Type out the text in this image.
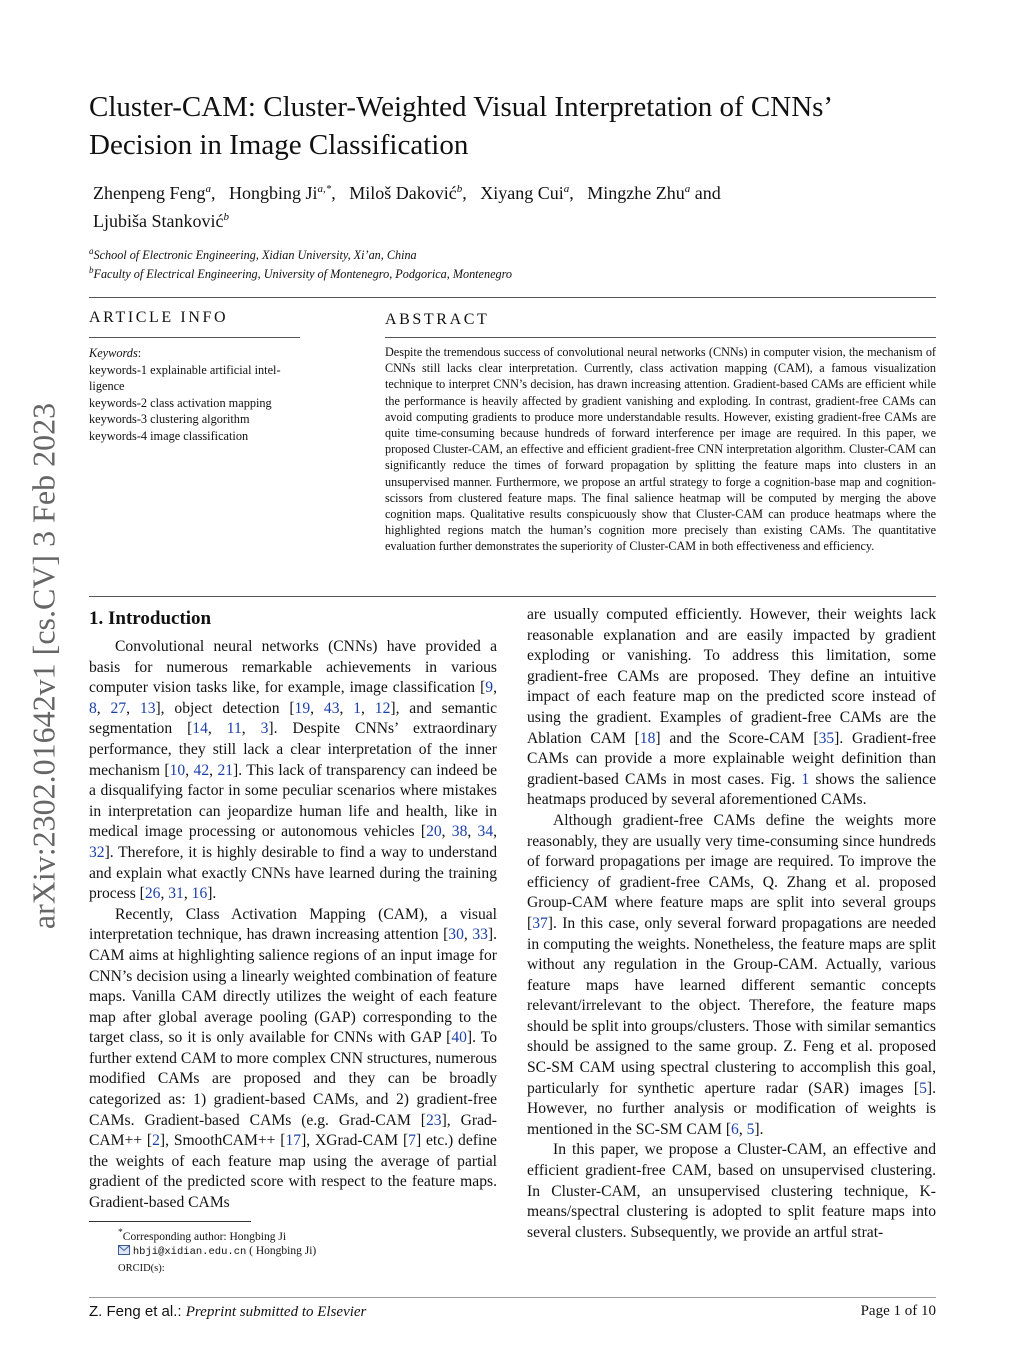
arXiv:2302.01642v1 [cs.CV] 3 Feb 2023
Cluster-CAM: Cluster-Weighted Visual Interpretation of CNNs’
Decision in Image Classification
Zhenpeng Feng$^a$,   Hongbing $Ji^{a,*}$,   Miloš Daković$^b$,   Xiyang Cui$^a$,   Mingzhe Zhu$^a$ and
Ljubiša Stanković$^b$
$^a$School of Electronic Engineering, Xidian University, Xi’an, China
$^b$Faculty of Electrical Engineering, University of Montenegro, Podgorica, Montenegro
ARTICLE INFO
Keywords:
keywords-1 explainable artificial intel-
ligence
keywords-2 class activation mapping
keywords-3 clustering algorithm
keywords-4 image classification
ABSTRACT
Despite the tremendous success of convolutional neural networks (CNNs) in computer vision, the mechanism of CNNs still lacks clear interpretation. Currently, class activation mapping (CAM), a famous visualization technique to interpret CNN’s decision, has drawn increasing attention. Gradient-based CAMs are efficient while the performance is heavily affected by gradient vanishing and exploding. In contrast, gradient-free CAMs can avoid computing gradients to produce more understandable results. However, existing gradient-free CAMs are quite time-consuming because hundreds of forward interference per image are required. In this paper, we proposed Cluster-CAM, an effective and efficient gradient-free CNN interpretation algorithm. Cluster-CAM can significantly reduce the times of forward propagation by splitting the feature maps into clusters in an unsupervised manner. Furthermore, we propose an artful strategy to forge a cognition-base map and cognition-scissors from clustered feature maps. The final salience heatmap will be computed by merging the above cognition maps. Qualitative results conspicuously show that Cluster-CAM can produce heatmaps where the highlighted regions match the human’s cognition more precisely than existing CAMs. The quantitative evaluation further demonstrates the superiority of Cluster-CAM in both effectiveness and efficiency.
1. Introduction

Convolutional neural networks (CNNs) have provided a basis for numerous remarkable achievements in various computer vision tasks like, for example, image classification [9, 8, 27, 13], object detection [19, 43, 1, 12], and semantic segmentation [14, 11, 3]. Despite CNNs’ extraordinary performance, they still lack a clear interpretation of the inner mechanism [10, 42, 21]. This lack of transparency can indeed be a disqualifying factor in some peculiar scenarios where mistakes in interpretation can jeopardize human life and health, like in medical image processing or autonomous vehicles [20, 38, 34, 32]. Therefore, it is highly desirable to find a way to understand and explain what exactly CNNs have learned during the training process [26, 31, 16].

Recently, Class Activation Mapping (CAM), a visual interpretation technique, has drawn increasing attention [30, 33]. CAM aims at highlighting salience regions of an input image for CNN’s decision using a linearly weighted combination of feature maps. Vanilla CAM directly utilizes the weight of each feature map after global average pooling (GAP) corresponding to the target class, so it is only available for CNNs with GAP [40]. To further extend CAM to more complex CNN structures, numerous modified CAMs are proposed and they can be broadly categorized as: 1) gradient-based CAMs, and 2) gradient-free CAMs. Gradient-based CAMs (e.g. Grad-CAM [23], Grad-CAM++ [2], SmoothCAM++ [17], XGrad-CAM [7] etc.) define the weights of each feature map using the average of partial gradient of the predicted score with respect to the feature maps. Gradient-based CAMs

are usually computed efficiently. However, their weights lack reasonable explanation and are easily impacted by gradient exploding or vanishing. To address this limitation, some gradient-free CAMs are proposed. They define an intuitive impact of each feature map on the predicted score instead of using the gradient. Examples of gradient-free CAMs are the Ablation CAM [18] and the Score-CAM [35]. Gradient-free CAMs can provide a more explainable weight definition than gradient-based CAMs in most cases. Fig. 1 shows the salience heatmaps produced by several aforementioned CAMs.

Although gradient-free CAMs define the weights more reasonably, they are usually very time-consuming since hundreds of forward propagations per image are required. To improve the efficiency of gradient-free CAMs, Q. Zhang et al. proposed Group-CAM where feature maps are split into several groups [37]. In this case, only several forward propagations are needed in computing the weights. Nonetheless, the feature maps are split without any regulation in the Group-CAM. Actually, various feature maps have learned different semantic concepts relevant/irrelevant to the object. Therefore, the feature maps should be split into groups/clusters. Those with similar semantics should be assigned to the same group. Z. Feng et al. proposed SC-SM CAM using spectral clustering to accomplish this goal, particularly for synthetic aperture radar (SAR) images [5]. However, no further analysis or modification of weights is mentioned in the SC-SM CAM [6, 5].

In this paper, we propose a Cluster-CAM, an effective and efficient gradient-free CAM, based on unsupervised clustering. In Cluster-CAM, an unsupervised clustering technique, K-means/spectral clustering is adopted to split feature maps into several clusters. Subsequently, we provide an artful strat-

*Corresponding author: Hongbing Ji
hbji@xidian.edu.cn ( Hongbing Ji)
ORCID(s):
Z. Feng et al.: Preprint submitted to Elsevier	Page 1 of 10
